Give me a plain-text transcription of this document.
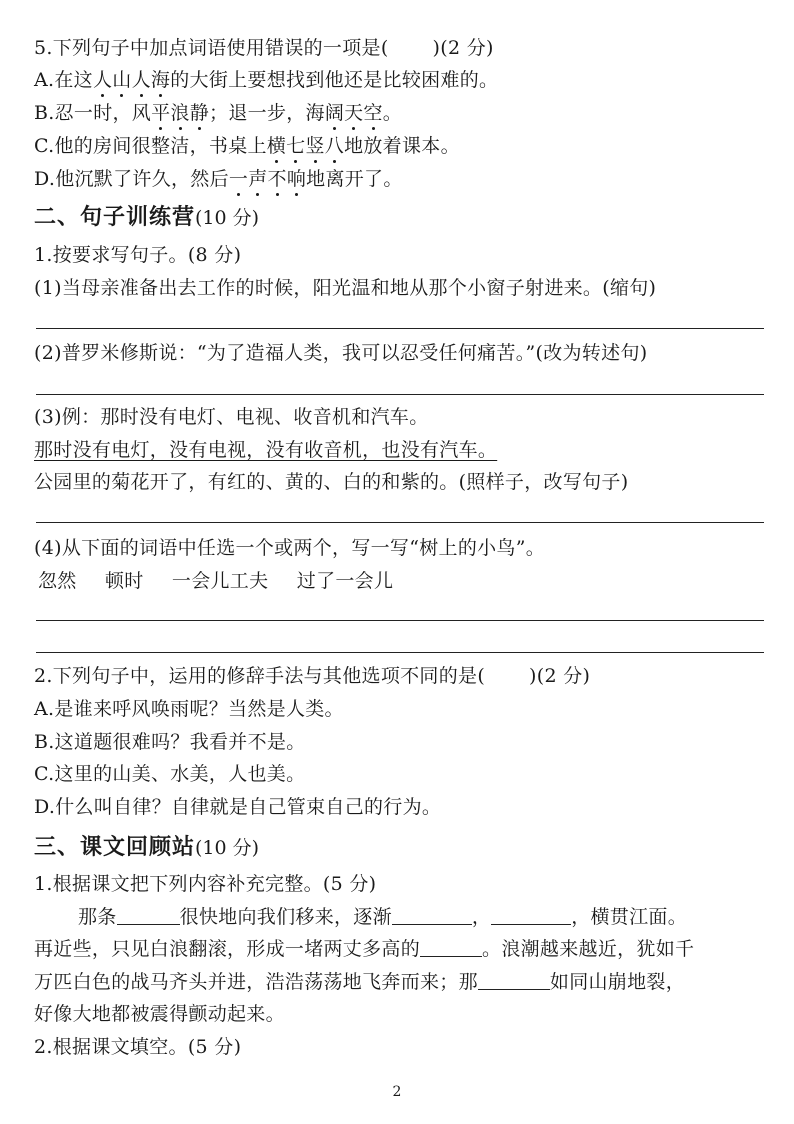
5.下列句子中加点词语使用错误的一项是( )(2 分)
A.在这人山人海的大街上要想找到他还是比较困难的。
B.忍一时，风平浪静；退一步，海阔天空。
C.他的房间很整洁，书桌上横七竖八地放着课本。
D.他沉默了许久，然后一声不响地离开了。
二、句子训练营(10 分)
1.按要求写句子。(8 分)
(1)当母亲准备出去工作的时候，阳光温和地从那个小窗子射进来。(缩句)
(2)普罗米修斯说：“为了造福人类，我可以忍受任何痛苦。”(改为转述句)
(3)例：那时没有电灯、电视、收音机和汽车。
那时没有电灯，没有电视，没有收音机，也没有汽车。
公园里的菊花开了，有红的、黄的、白的和紫的。(照样子，改写句子)
(4)从下面的词语中任选一个或两个，写一写“树上的小鸟”。
忽然 顿时 一会儿工夫 过了一会儿
2.下列句子中，运用的修辞手法与其他选项不同的是( )(2 分)
A.是谁来呼风唤雨呢？当然是人类。
B.这道题很难吗？我看并不是。
C.这里的山美、水美，人也美。
D.什么叫自律？自律就是自己管束自己的行为。
三、课文回顾站(10 分)
1.根据课文把下列内容补充完整。(5 分)
那条	很快地向我们移来，逐渐	，	，横贯江面。
再近些，只见白浪翻滚，形成一堵两丈多高的	。浪潮越来越近，犹如千
万匹白色的战马齐头并进，浩浩荡荡地飞奔而来；那	如同山崩地裂，
好像大地都被震得颤动起来。
2.根据课文填空。(5 分)
2
